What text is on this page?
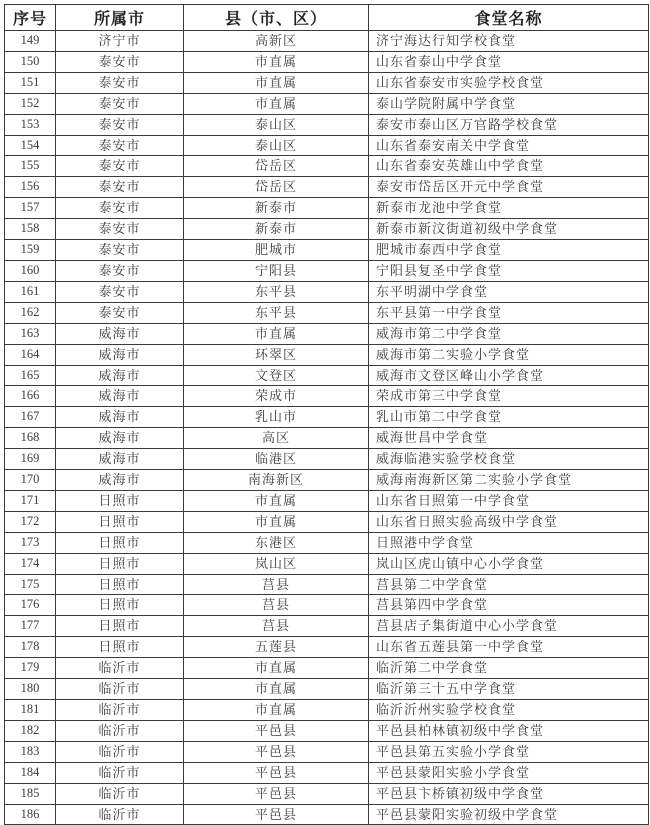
序号	所属市	县（市、区）	食堂名称
149	济宁市	高新区	济宁海达行知学校食堂
150	泰安市	市直属	山东省泰山中学食堂
151	泰安市	市直属	山东省泰安市实验学校食堂
152	泰安市	市直属	泰山学院附属中学食堂
153	泰安市	泰山区	泰安市泰山区万官路学校食堂
154	泰安市	泰山区	山东省泰安南关中学食堂
155	泰安市	岱岳区	山东省泰安英雄山中学食堂
156	泰安市	岱岳区	泰安市岱岳区开元中学食堂
157	泰安市	新泰市	新泰市龙池中学食堂
158	泰安市	新泰市	新泰市新汶街道初级中学食堂
159	泰安市	肥城市	肥城市泰西中学食堂
160	泰安市	宁阳县	宁阳县复圣中学食堂
161	泰安市	东平县	东平明湖中学食堂
162	泰安市	东平县	东平县第一中学食堂
163	威海市	市直属	威海市第二中学食堂
164	威海市	环翠区	威海市第二实验小学食堂
165	威海市	文登区	威海市文登区峰山小学食堂
166	威海市	荣成市	荣成市第三中学食堂
167	威海市	乳山市	乳山市第二中学食堂
168	威海市	高区	威海世昌中学食堂
169	威海市	临港区	威海临港实验学校食堂
170	威海市	南海新区	威海南海新区第二实验小学食堂
171	日照市	市直属	山东省日照第一中学食堂
172	日照市	市直属	山东省日照实验高级中学食堂
173	日照市	东港区	日照港中学食堂
174	日照市	岚山区	岚山区虎山镇中心小学食堂
175	日照市	莒县	莒县第二中学食堂
176	日照市	莒县	莒县第四中学食堂
177	日照市	莒县	莒县店子集街道中心小学食堂
178	日照市	五莲县	山东省五莲县第一中学食堂
179	临沂市	市直属	临沂第二中学食堂
180	临沂市	市直属	临沂第三十五中学食堂
181	临沂市	市直属	临沂沂州实验学校食堂
182	临沂市	平邑县	平邑县柏林镇初级中学食堂
183	临沂市	平邑县	平邑县第五实验小学食堂
184	临沂市	平邑县	平邑县蒙阳实验小学食堂
185	临沂市	平邑县	平邑县卞桥镇初级中学食堂
186	临沂市	平邑县	平邑县蒙阳实验初级中学食堂
